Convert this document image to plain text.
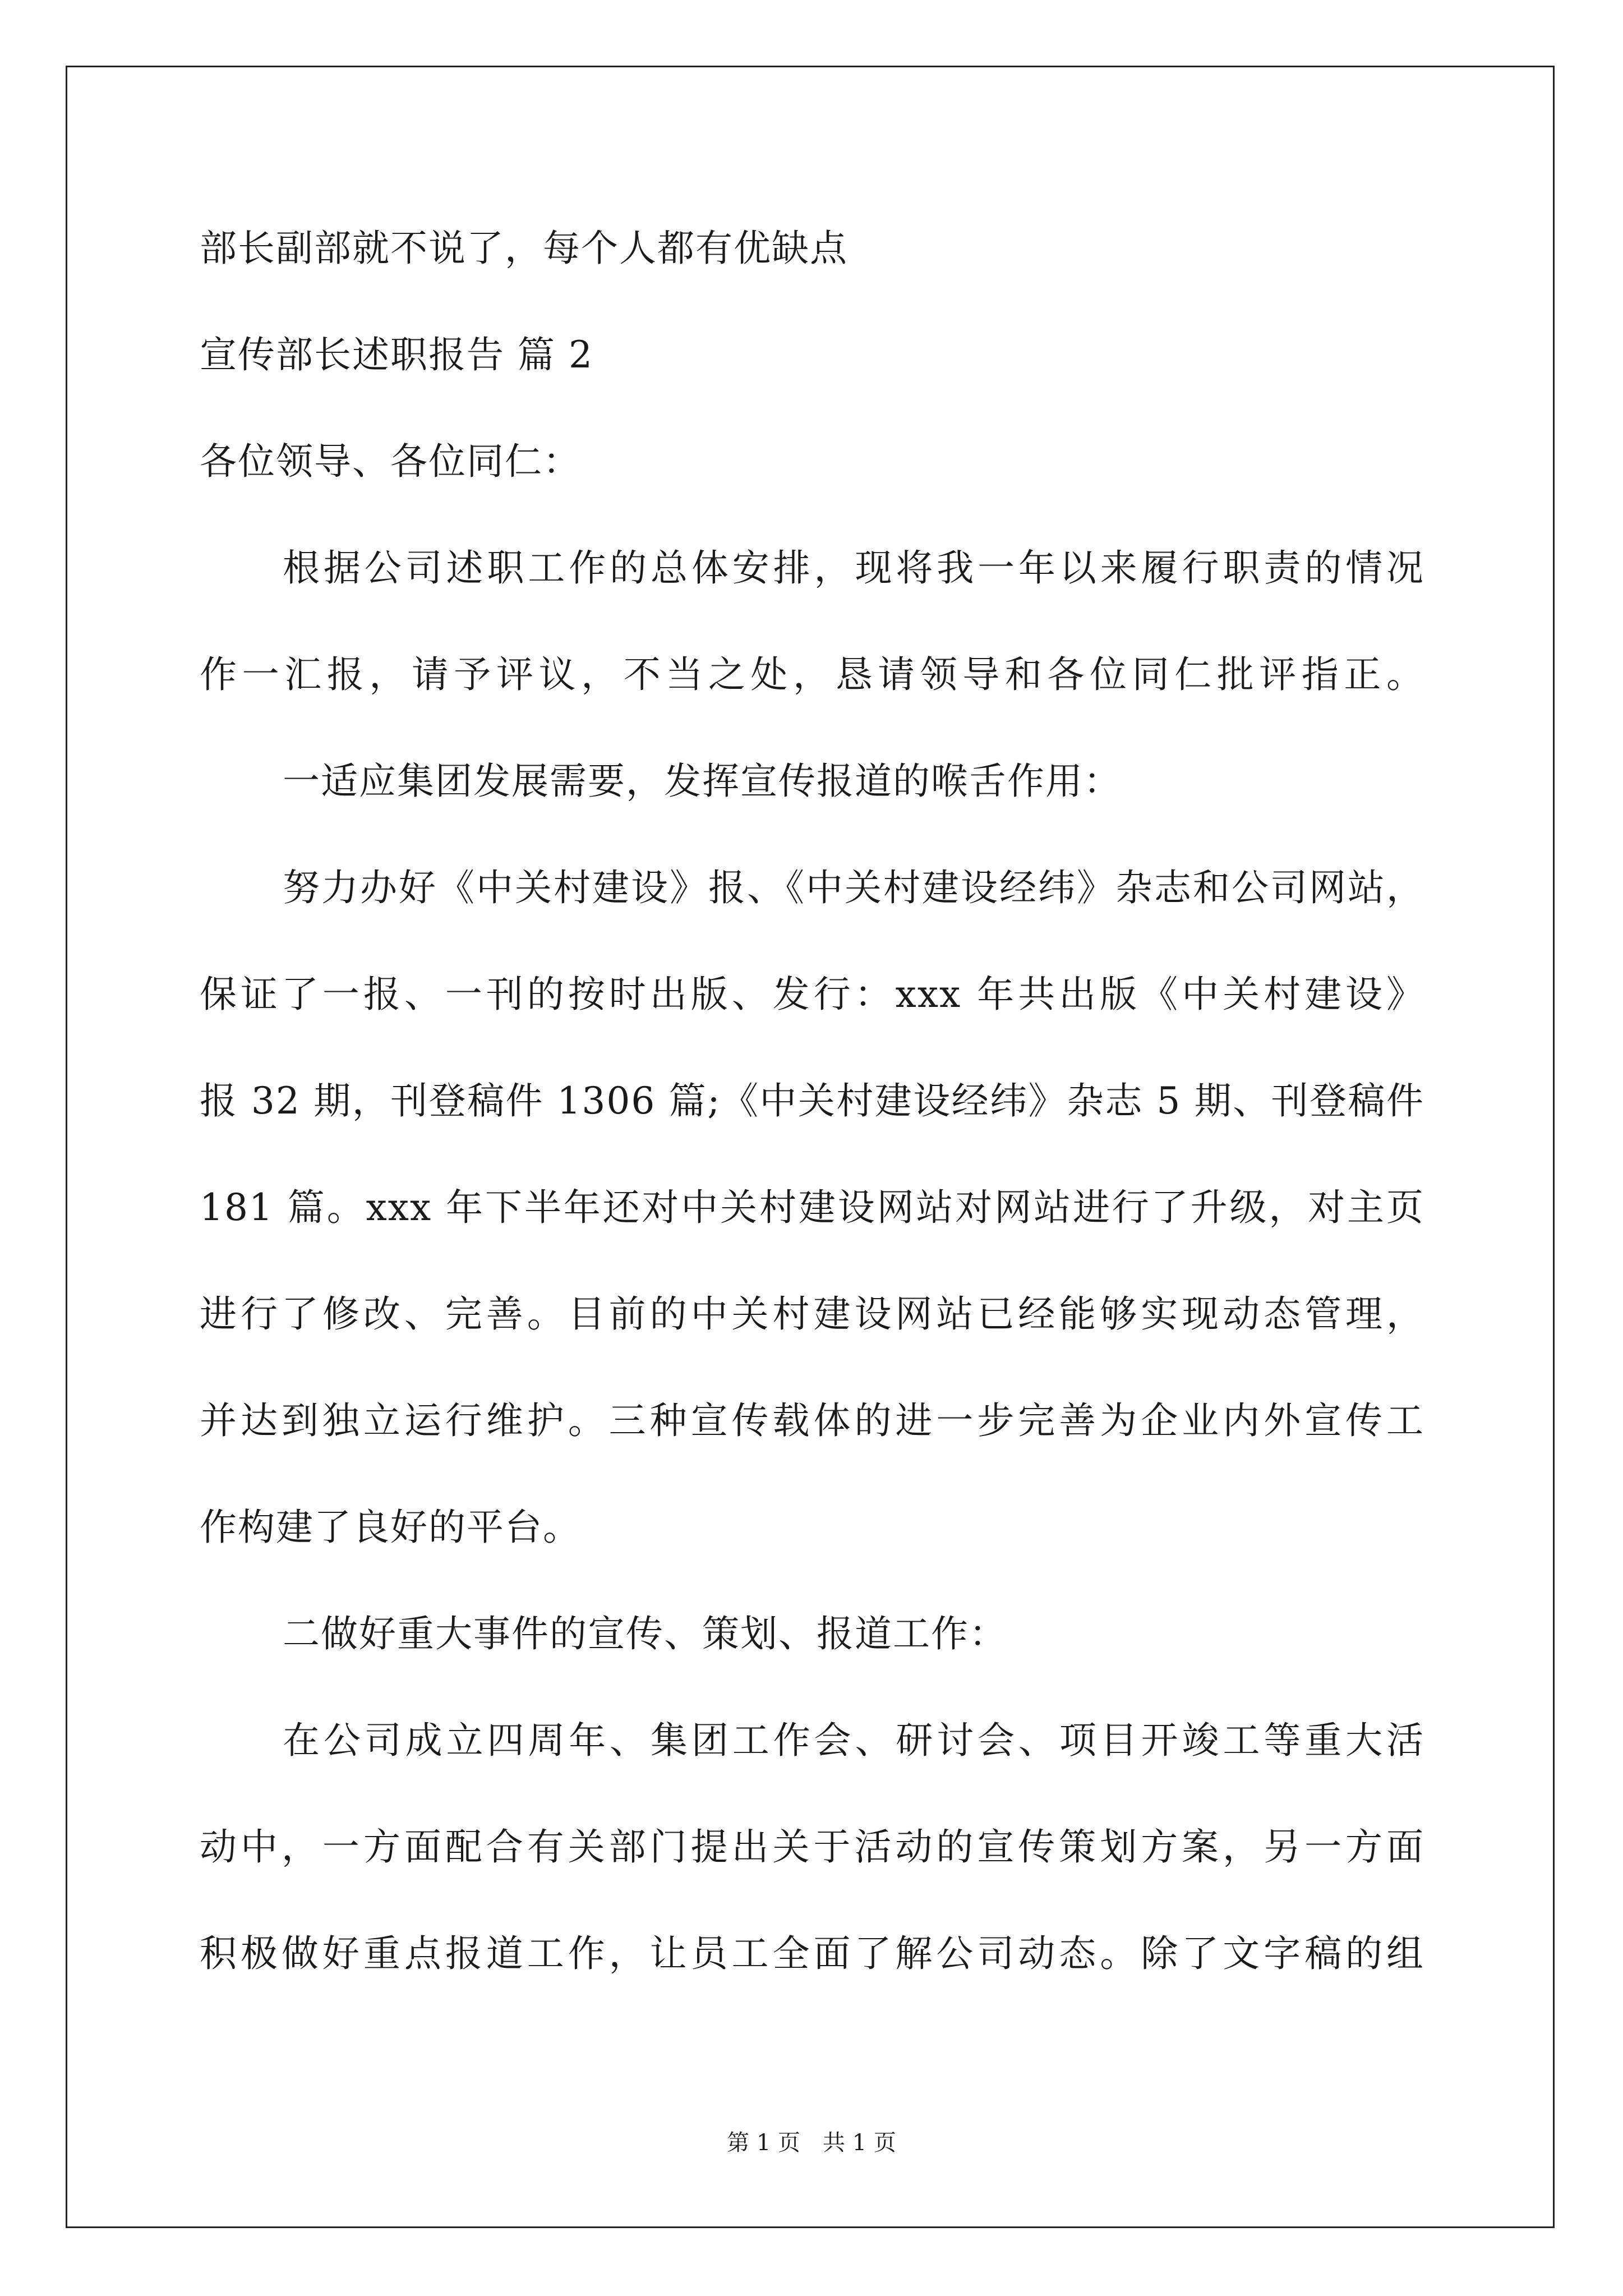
部长副部就不说了，每个人都有优缺点
宣传部长述职报告 篇 2
各位领导、各位同仁：
根据公司述职工作的总体安排，现将我一年以来履行职责的情况
作一汇报，请予评议，不当之处，恳请领导和各位同仁批评指正。
一适应集团发展需要，发挥宣传报道的喉舌作用：
努力办好《中关村建设》报、《中关村建设经纬》杂志和公司网站，
保证了一报、一刊的按时出版、发行：xxx 年共出版《中关村建设》
报 32 期，刊登稿件 1306 篇;《中关村建设经纬》杂志 5 期、刊登稿件
181 篇。xxx 年下半年还对中关村建设网站对网站进行了升级，对主页
进行了修改、完善。目前的中关村建设网站已经能够实现动态管理，
并达到独立运行维护。三种宣传载体的进一步完善为企业内外宣传工
作构建了良好的平台。
二做好重大事件的宣传、策划、报道工作：
在公司成立四周年、集团工作会、研讨会、项目开竣工等重大活
动中，一方面配合有关部门提出关于活动的宣传策划方案，另一方面
积极做好重点报道工作，让员工全面了解公司动态。除了文字稿的组
第 1 页　共 1 页
